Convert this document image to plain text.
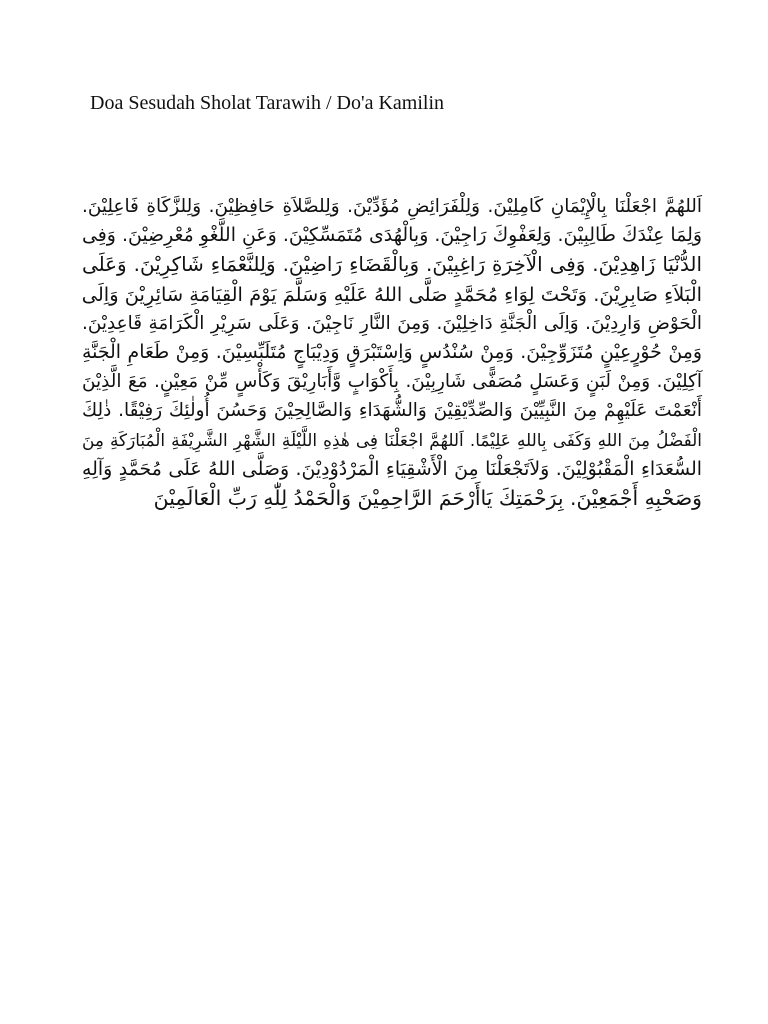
Doa Sesudah Sholat Tarawih / Do'a Kamilin
اَللهُمَّ اجْعَلْنَا بِالْإِيْمَانِ كَامِلِيْنَ. وَلِلْفَرَائِضِ مُؤَدِّيْنَ. وَلِلصَّلاَةِ حَافِظِيْنَ. وَلِلزَّكَاةِ فَاعِلِيْنَ.
وَلِمَا عِنْدَكَ طَالِبِيْنَ. وَلِعَفْوِكَ رَاجِيْنَ. وَبِالْهُدَى مُتَمَسِّكِيْنَ. وَعَنِ اللَّغْوِ مُعْرِضِيْنَ. وَفِى
الدُّنْيَا زَاهِدِيْنَ. وَفِى الْآخِرَةِ رَاغِبِيْنَ. وَبِالْقَضَاءِ رَاضِيْنَ. وَلِلنَّعْمَاءِ شَاكِرِيْنَ. وَعَلَى
الْبَلاَءِ صَابِرِيْنَ. وَتَحْتَ لِوَاءِ مُحَمَّدٍ صَلَّى اللهُ عَلَيْهِ وَسَلَّمَ يَوْمَ الْقِيَامَةِ سَائِرِيْنَ وَاِلَى
الْحَوْضِ وَارِدِيْنَ. وَاِلَى الْجَنَّةِ دَاخِلِيْنَ. وَمِنَ النَّارِ نَاجِيْنَ. وَعَلَى سَرِيْرِ الْكَرَامَةِ قَاعِدِيْنَ.
وَمِنْ حُوْرٍعِيْنٍ مُتَزَوِّجِيْنَ. وَمِنْ سُنْدُسٍ وَاِسْتَبْرَقٍ وَدِيْبَاجٍ مُتَلَبِّسِيْنَ. وَمِنْ طَعَامِ الْجَنَّةِ
آكِلِيْنَ. وَمِنْ لَبَنٍ وَعَسَلٍ مُصَفًّى شَارِبِيْنَ. بِأَكْوَابٍ وَّأَبَارِيْقَ وَكَأْسٍ مِّنْ مَعِيْنٍ. مَعَ الَّذِيْنَ
أَنْعَمْتَ عَلَيْهِمْ مِنَ النَّبِيِّيْنَ وَالصِّدِّيْقِيْنَ وَالشُّهَدَاءِ وَالصَّالِحِيْنَ وَحَسُنَ أُولٰئِكَ رَفِيْقًا. ذٰلِكَ
الْفَضْلُ مِنَ اللهِ وَكَفَى بِاللهِ عَلِيْمًا. اَللهُمَّ اجْعَلْنَا فِى هٰذِهِ اللَّيْلَةِ الشَّهْرِ الشَّرِيْفَةِ الْمُبَارَكَةِ مِنَ
السُّعَدَاءِ الْمَقْبُوْلِيْنَ. وَلاَتَجْعَلْنَا مِنَ الْأَشْقِيَاءِ الْمَرْدُوْدِيْنَ. وَصَلَّى اللهُ عَلَى مُحَمَّدٍ وَآلِهِ
وَصَحْبِهِ أَجْمَعِيْنَ. بِرَحْمَتِكَ يَاأَرْحَمَ الرَّاحِمِيْنَ وَالْحَمْدُ لِلّٰهِ رَبِّ الْعَالَمِيْنَ
